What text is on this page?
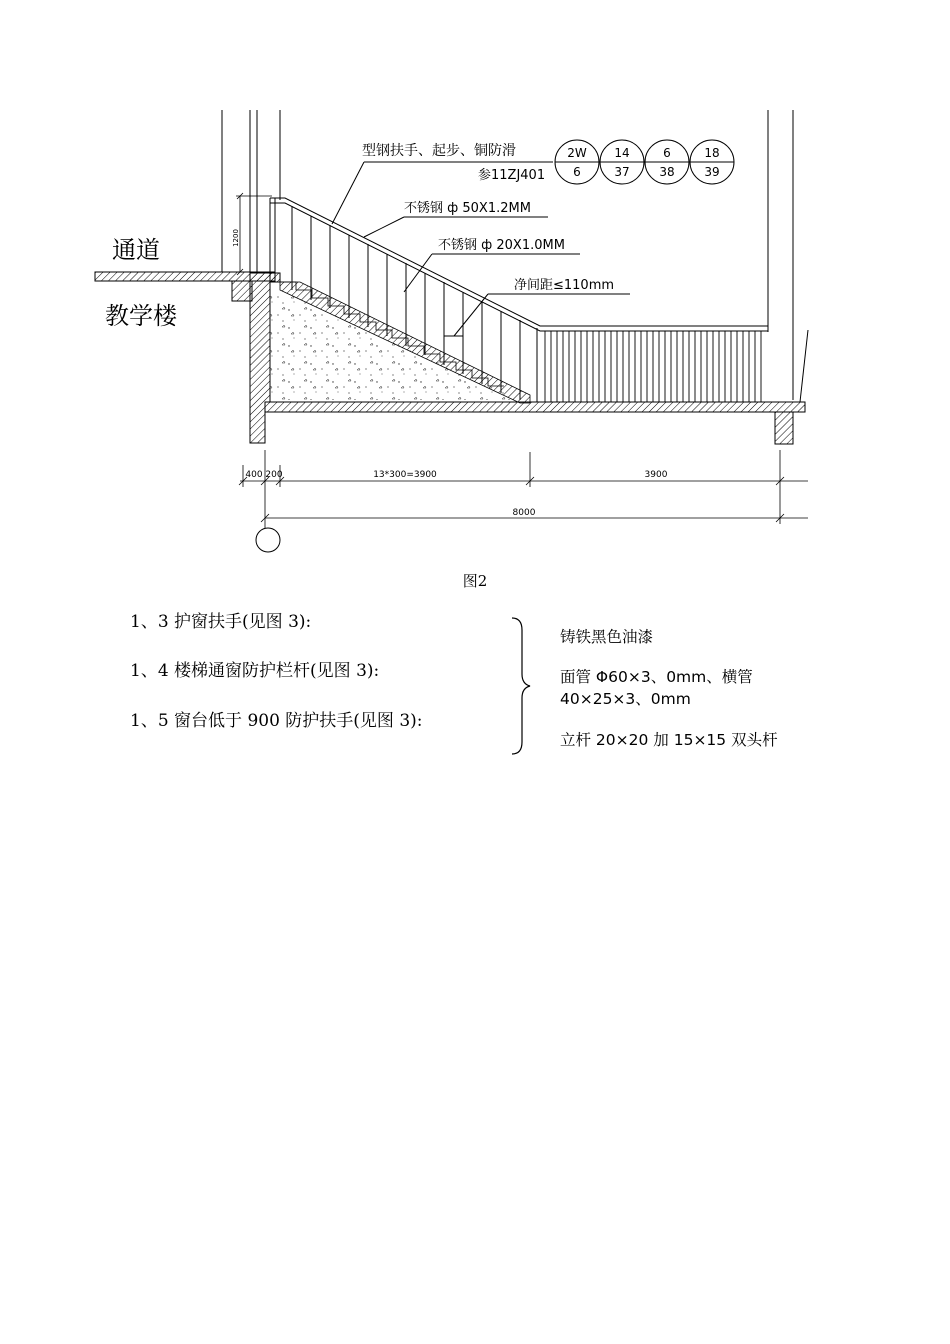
1200
型钢扶手、起步、铜防滑
参11ZJ401
不锈钢 ф 50X1.2MM
不锈钢 ф 20X1.0MM
净间距≤110mm
2W
6
14
37
6
38
18
39
通道
教学楼
400 200	13*300=3900	3900
8000
图2
1、3 护窗扶手(见图 3):
1、4 楼梯通窗防护栏杆(见图 3):
1、5 窗台低于 900 防护扶手(见图 3):
铸铁黑色油漆
面管 Φ60×3、0mm、横管 40×25×3、0mm
立杆 20×20 加 15×15 双头杆
